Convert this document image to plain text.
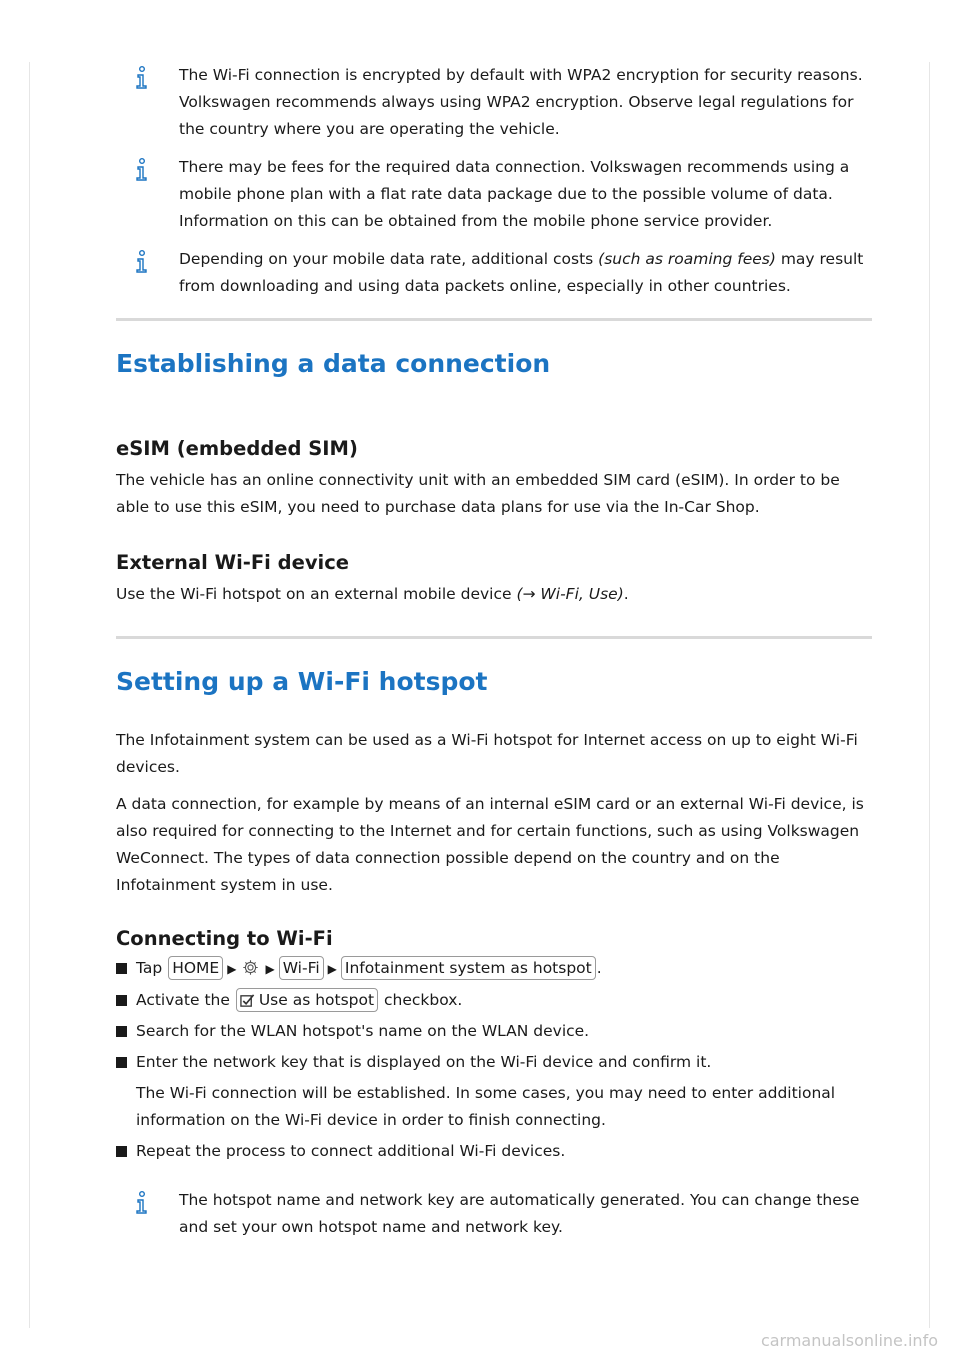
The Wi-Fi connection is encrypted by default with WPA2 encryption for security reasons. Volkswagen recommends always using WPA2 encryption. Observe legal regulations for the country where you are operating the vehicle.
There may be fees for the required data connection. Volkswagen recommends using a mobile phone plan with a flat rate data package due to the possible volume of data. Information on this can be obtained from the mobile phone service provider.
Depending on your mobile data rate, additional costs (such as roaming fees) may result from downloading and using data packets online, especially in other countries.
Establishing a data connection
eSIM (embedded SIM)

The vehicle has an online connectivity unit with an embedded SIM card (eSIM). In order to be able to use this eSIM, you need to purchase data plans for use via the In-Car Shop.

External Wi-Fi device

Use the Wi-Fi hotspot on an external mobile device (→ Wi-Fi, Use).

Setting up a Wi-Fi hotspot

The Infotainment system can be used as a Wi-Fi hotspot for Internet access on up to eight Wi-Fi devices.

A data connection, for example by means of an internal eSIM card or an external Wi-Fi device, is also required for connecting to the Internet and for certain functions, such as using Volkswagen WeConnect. The types of data connection possible depend on the country and on the Infotainment system in use.

Connecting to Wi-Fi
Tap HOME ▶ ▶ Wi-Fi ▶ Infotainment system as hotspot .
Activate the Use as hotspot checkbox.
Search for the WLAN hotspot's name on the WLAN device.
Enter the network key that is displayed on the Wi-Fi device and confirm it.
The Wi-Fi connection will be established. In some cases, you may need to enter additional information on the Wi-Fi device in order to finish connecting.
Repeat the process to connect additional Wi-Fi devices.
The hotspot name and network key are automatically generated. You can change these and set your own hotspot name and network key.
carmanualsonline.info
